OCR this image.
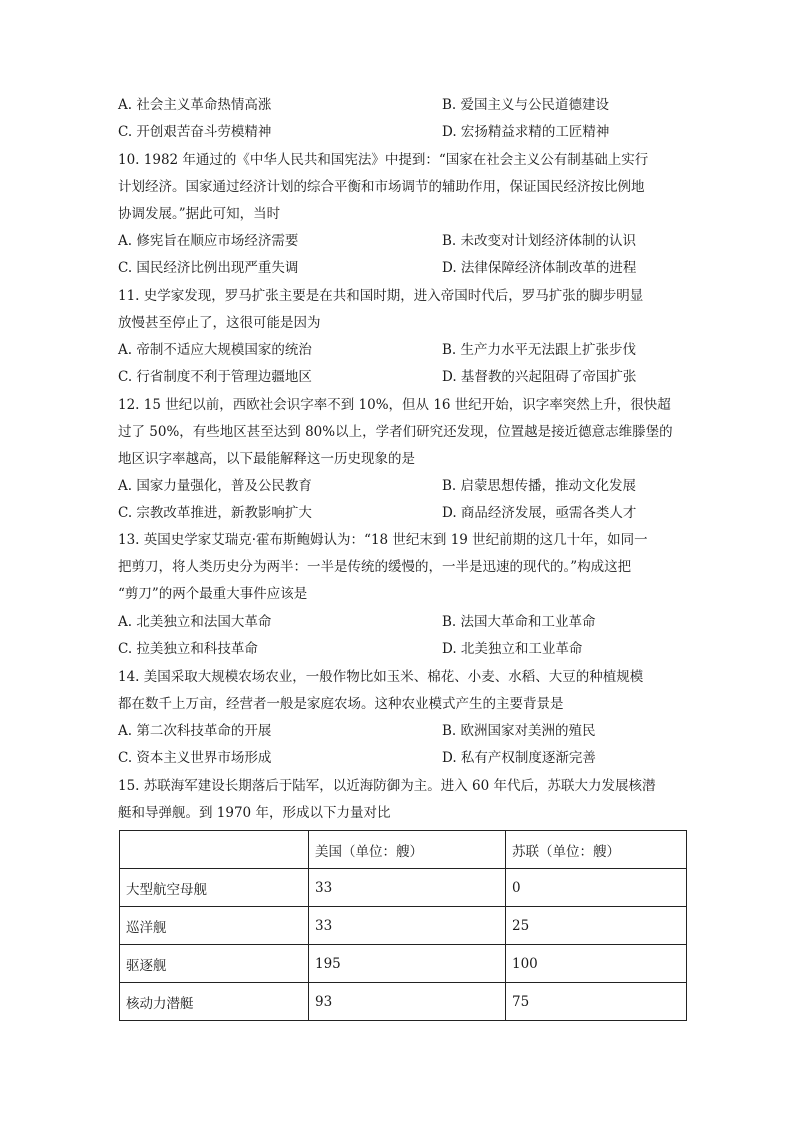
A. 社会主义革命热情高涨	B. 爱国主义与公民道德建设
C. 开创艰苦奋斗劳模精神	D. 宏扬精益求精的工匠精神
10. 1982 年通过的《中华人民共和国宪法》中提到：“国家在社会主义公有制基础上实行
计划经济。国家通过经济计划的综合平衡和市场调节的辅助作用，保证国民经济按比例地
协调发展。”据此可知，当时
A. 修宪旨在顺应市场经济需要	B. 未改变对计划经济体制的认识
C. 国民经济比例出现严重失调	D. 法律保障经济体制改革的进程
11. 史学家发现，罗马扩张主要是在共和国时期，进入帝国时代后，罗马扩张的脚步明显
放慢甚至停止了，这很可能是因为
A. 帝制不适应大规模国家的统治	B. 生产力水平无法跟上扩张步伐
C. 行省制度不利于管理边疆地区	D. 基督教的兴起阻碍了帝国扩张
12. 15 世纪以前，西欧社会识字率不到 10%，但从 16 世纪开始，识字率突然上升，很快超
过了 50%，有些地区甚至达到 80%以上，学者们研究还发现，位置越是接近德意志维滕堡的
地区识字率越高，以下最能解释这一历史现象的是
A. 国家力量强化，普及公民教育	B. 启蒙思想传播，推动文化发展
C. 宗教改革推进，新教影响扩大	D. 商品经济发展，亟需各类人才
13. 英国史学家艾瑞克·霍布斯鲍姆认为：“18 世纪末到 19 世纪前期的这几十年，如同一
把剪刀，将人类历史分为两半：一半是传统的缓慢的，一半是迅速的现代的。”构成这把
“剪刀”的两个最重大事件应该是
A. 北美独立和法国大革命	B. 法国大革命和工业革命
C. 拉美独立和科技革命	D. 北美独立和工业革命
14. 美国采取大规模农场农业，一般作物比如玉米、棉花、小麦、水稻、大豆的种植规模
都在数千上万亩，经营者一般是家庭农场。这种农业模式产生的主要背景是
A. 第二次科技革命的开展	B. 欧洲国家对美洲的殖民
C. 资本主义世界市场形成	D. 私有产权制度逐渐完善
15. 苏联海军建设长期落后于陆军，以近海防御为主。进入 60 年代后，苏联大力发展核潜
艇和导弹舰。到 1970 年，形成以下力量对比
	美国（单位：艘）	苏联（单位：艘）
大型航空母舰	33	0
巡洋舰	33	25
驱逐舰	195	100
核动力潜艇	93	75
